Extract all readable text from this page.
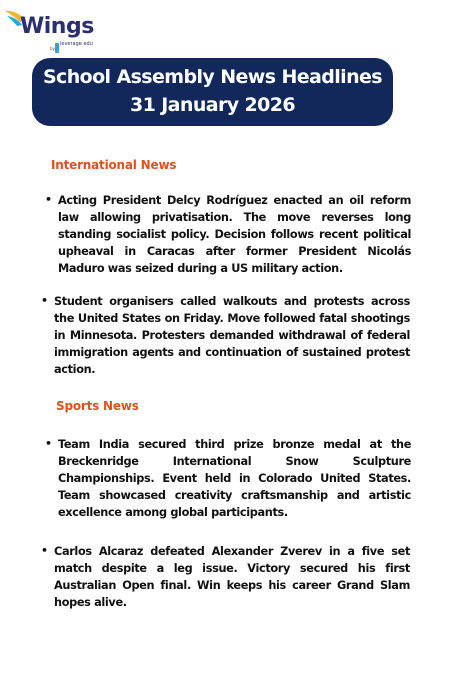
Wings
by
leverage edu
School Assembly News Headlines
31 January 2026
International News
• Acting President Delcy Rodríguez enacted an oil reform law allowing privatisation. The move reverses long standing socialist policy. Decision follows recent political upheaval in Caracas after former President Nicolás Maduro was seized during a US military action.

• Student organisers called walkouts and protests across the United States on Friday. Move followed fatal shootings in Minnesota. Protesters demanded withdrawal of federal immigration agents and continuation of sustained protest action.

Sports News
• Team India secured third prize bronze medal at the Breckenridge International Snow Sculpture Championships. Event held in Colorado United States. Team showcased creativity craftsmanship and artistic excellence among global participants.

• Carlos Alcaraz defeated Alexander Zverev in a five set match despite a leg issue. Victory secured his first Australian Open final. Win keeps his career Grand Slam hopes alive.
